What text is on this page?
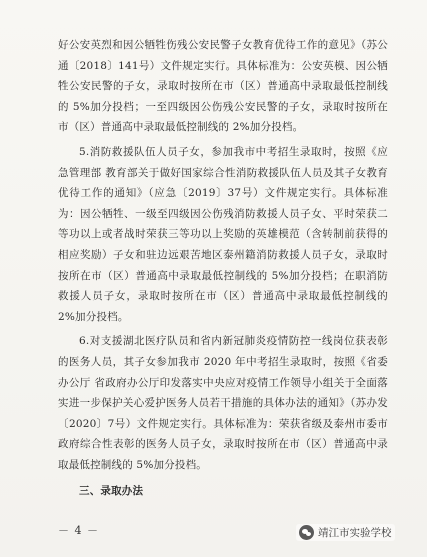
好公安英烈和因公牺牲伤残公安民警子女教育优待工作的意见》（苏公通〔2018〕141号）文件规定实行。具体标准为：公安英模、因公牺牲公安民警的子女，录取时按所在市（区）普通高中录取最低控制线的 5%加分投档；一至四级因公伤残公安民警的子女，录取时按所在市（区）普通高中录取最低控制线的 2%加分投档。

5.消防救援队伍人员子女，参加我市中考招生录取时，按照《应急管理部 教育部关于做好国家综合性消防救援队伍人员及其子女教育优待工作的通知》（应急〔2019〕37号）文件规定实行。具体标准为：因公牺牲、一级至四级因公伤残消防救援人员子女、平时荣获二等功以上或者战时荣获三等功以上奖励的英雄模范（含转制前获得的相应奖励）子女和驻边远艰苦地区泰州籍消防救援人员子女，录取时按所在市（区）普通高中录取最低控制线的 5%加分投档；在职消防救援人员子女，录取时按所在市（区）普通高中录取最低控制线的 2%加分投档。

6.对支援湖北医疗队员和省内新冠肺炎疫情防控一线岗位获表彰的医务人员，其子女参加我市 2020 年中考招生录取时，按照《省委办公厅 省政府办公厅印发落实中央应对疫情工作领导小组关于全面落实进一步保护关心爱护医务人员若干措施的具体办法的通知》（苏办发〔2020〕7号）文件规定实行。具体标准为：荣获省级及泰州市委市政府综合性表彰的医务人员子女，录取时按所在市（区）普通高中录取最低控制线的 5%加分投档。

三、录取办法

－ 4 －	靖江市实验学校
